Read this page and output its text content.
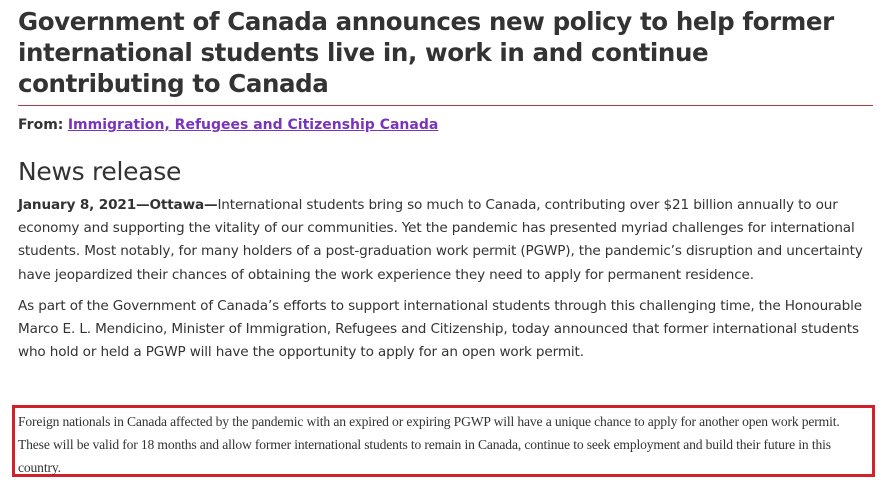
Government of Canada announces new policy to help former international students live in, work in and continue contributing to Canada

From: Immigration, Refugees and Citizenship Canada

News release

January 8, 2021—Ottawa—International students bring so much to Canada, contributing over $21 billion annually to our economy and supporting the vitality of our communities. Yet the pandemic has presented myriad challenges for international students. Most notably, for many holders of a post-graduation work permit (PGWP), the pandemic’s disruption and uncertainty have jeopardized their chances of obtaining the work experience they need to apply for permanent residence.

As part of the Government of Canada’s efforts to support international students through this challenging time, the Honourable Marco E. L. Mendicino, Minister of Immigration, Refugees and Citizenship, today announced that former international students who hold or held a PGWP will have the opportunity to apply for an open work permit.

Foreign nationals in Canada affected by the pandemic with an expired or expiring PGWP will have a unique chance to apply for another open work permit. These will be valid for 18 months and allow former international students to remain in Canada, continue to seek employment and build their future in this country.
